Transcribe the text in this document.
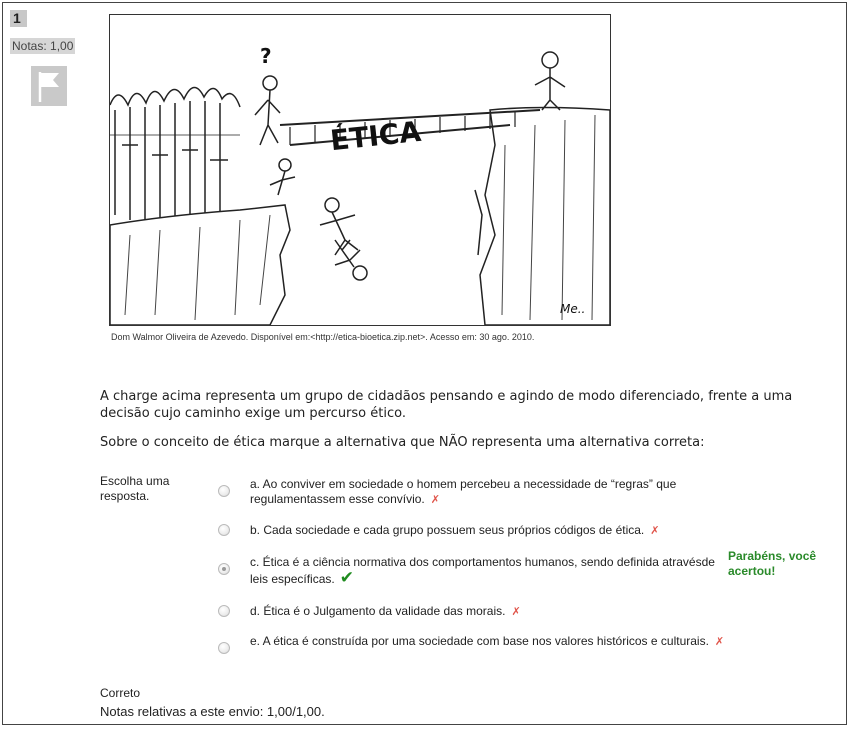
1
Notas: 1,00
ÉTICA
?
Me..
Dom Walmor Oliveira de Azevedo. Disponível em:<http://etica-bioetica.zip.net>. Acesso em: 30 ago. 2010.
A charge acima representa um grupo de cidadãos pensando e agindo de modo diferenciado, frente a uma decisão cujo caminho exige um percurso ético.
Sobre o conceito de ética marque a alternativa que NÃO representa uma alternativa correta:
Escolha uma resposta.
a. Ao conviver em sociedade o homem percebeu a necessidade de “regras” que regulamentassem esse convívio. ✗
b. Cada sociedade e cada grupo possuem seus próprios códigos de ética. ✗
c. Ética é a ciência normativa dos comportamentos humanos, sendo definida atravésde leis específicas. ✔
d. Ética é o Julgamento da validade das morais. ✗
e. A ética é construída por uma sociedade com base nos valores históricos e culturais. ✗
Parabéns, você acertou!
Correto
Notas relativas a este envio: 1,00/1,00.
